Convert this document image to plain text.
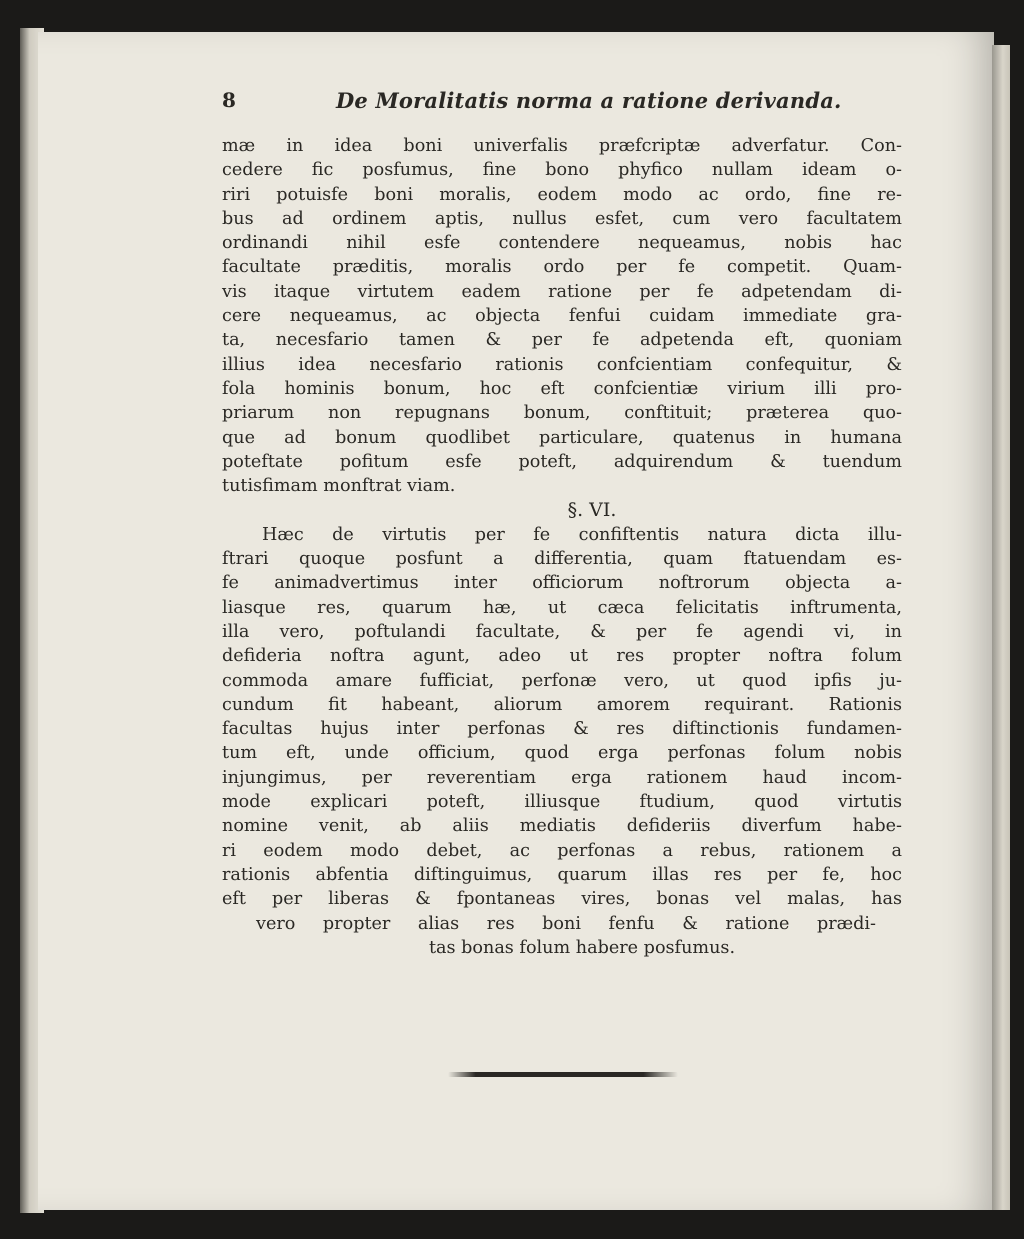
8	De Moralitatis norma a ratione derivanda.
mæ in idea boni univerfalis præfcriptæ adverfatur. Con-
cedere fic posfumus, fine bono phyfico nullam ideam o-
riri potuisfe boni moralis, eodem modo ac ordo, fine re-
bus ad ordinem aptis, nullus esfet, cum vero facultatem
ordinandi nihil esfe contendere nequeamus, nobis hac
facultate præditis, moralis ordo per fe competit. Quam-
vis itaque virtutem eadem ratione per fe adpetendam di-
cere nequeamus, ac objecta fenfui cuidam immediate gra-
ta, necesfario tamen & per fe adpetenda eft, quoniam
illius idea necesfario rationis confcientiam confequitur, &
fola hominis bonum, hoc eft confcientiæ virium illi pro-
priarum non repugnans bonum, conftituit; præterea quo-
que ad bonum quodlibet particulare, quatenus in humana
poteftate pofitum esfe poteft, adquirendum & tuendum
tutisfimam monftrat viam.
§. VI.
Hæc de virtutis per fe confiftentis natura dicta illu-
ftrari quoque posfunt a differentia, quam ftatuendam es-
fe animadvertimus inter officiorum noftrorum objecta a-
liasque res, quarum hæ, ut cæca felicitatis inftrumenta,
illa vero, poftulandi facultate, & per fe agendi vi, in
defideria noftra agunt, adeo ut res propter noftra folum
commoda amare fufficiat, perfonæ vero, ut quod ipfis ju-
cundum fit habeant, aliorum amorem requirant. Rationis
facultas hujus inter perfonas & res diftinctionis fundamen-
tum eft, unde officium, quod erga perfonas folum nobis
injungimus, per reverentiam erga rationem haud incom-
mode explicari poteft, illiusque ftudium, quod virtutis
nomine venit, ab aliis mediatis defideriis diverfum habe-
ri eodem modo debet, ac perfonas a rebus, rationem a
rationis abfentia diftinguimus, quarum illas res per fe, hoc
eft per liberas & fpontaneas vires, bonas vel malas, has
vero propter alias res boni fenfu & ratione prædi-
tas bonas folum habere posfumus.
